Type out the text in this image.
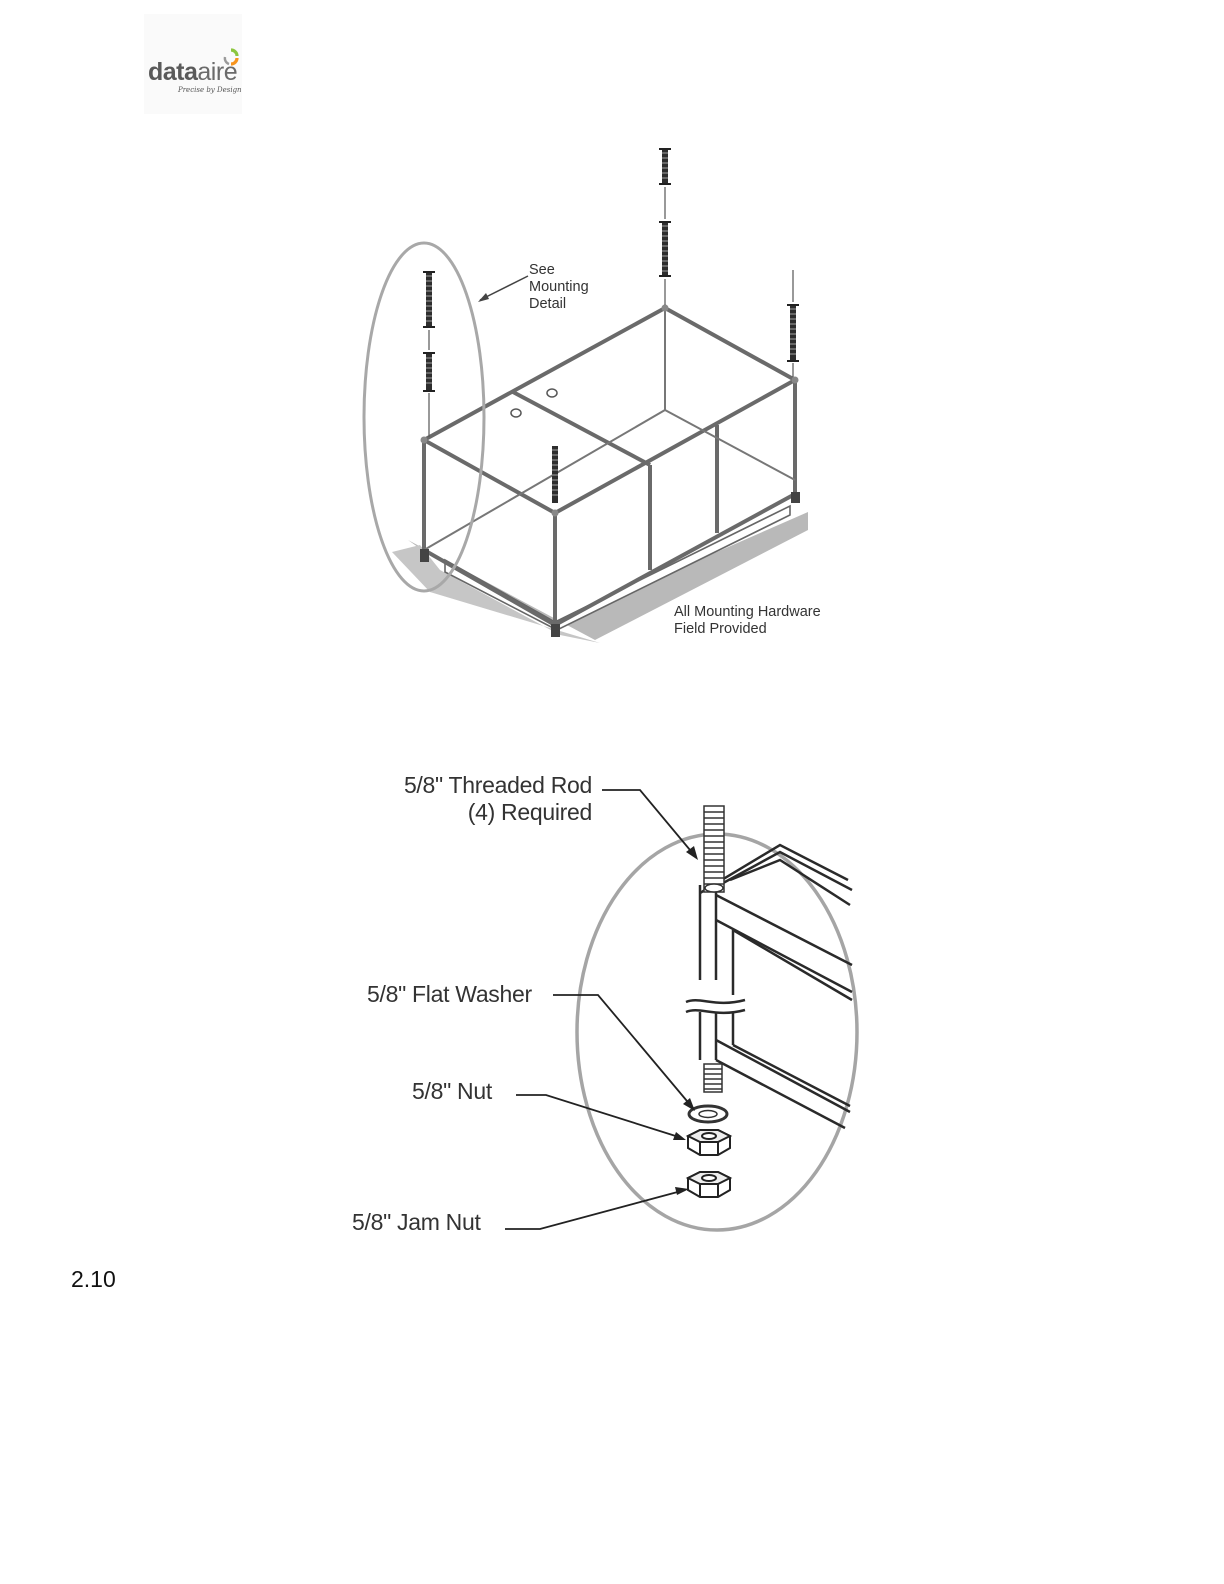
dataaire
Precise by Design
See
Mounting
Detail
All Mounting Hardware
Field Provided
5/8" Threaded Rod
(4) Required
5/8" Flat Washer
5/8" Nut
5/8" Jam Nut
2.10
